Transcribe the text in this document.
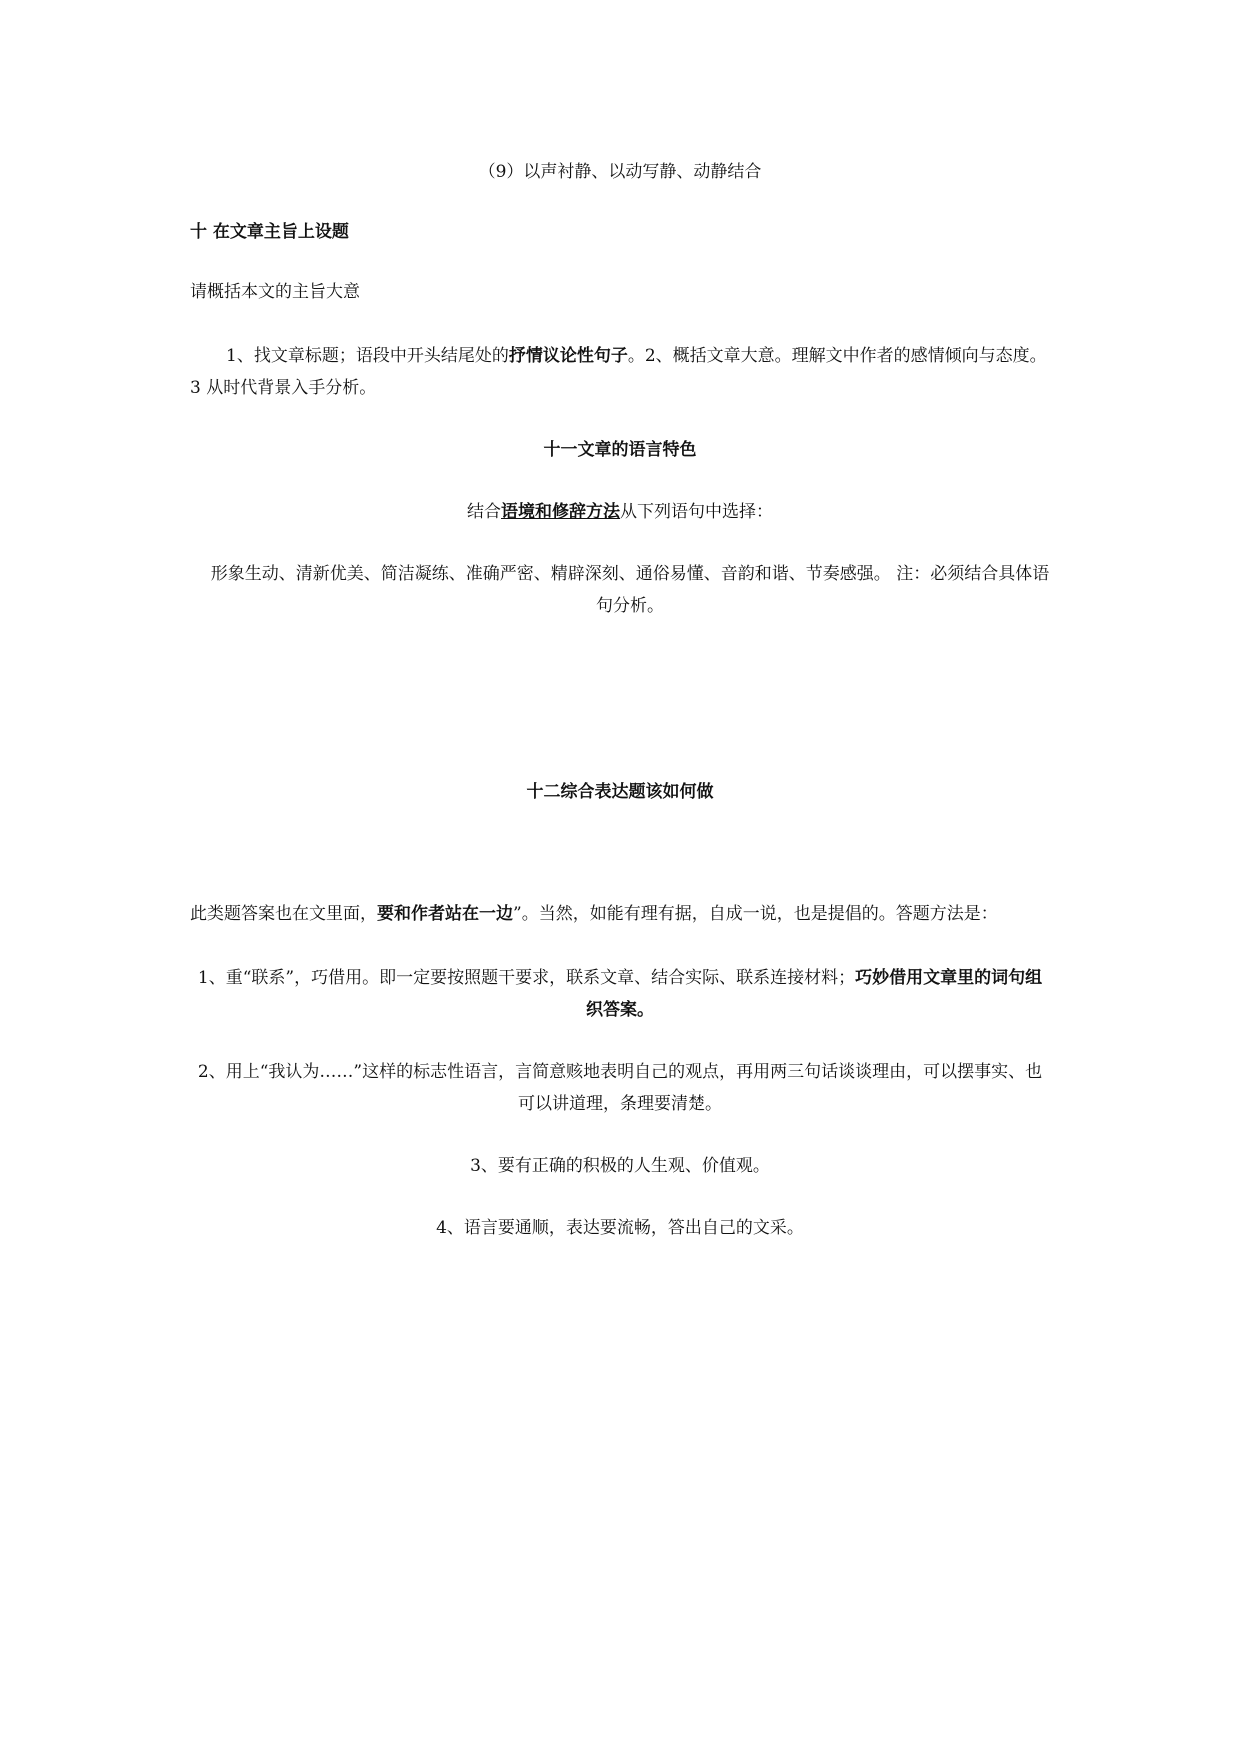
（9）以声衬静、以动写静、动静结合
十 在文章主旨上设题
请概括本文的主旨大意
1、找文章标题；语段中开头结尾处的抒情议论性句子。2、概括文章大意。理解文中作者的感情倾向与态度。3 从时代背景入手分析。
十一文章的语言特色
结合语境和修辞方法从下列语句中选择：
形象生动、清新优美、简洁凝练、准确严密、精辟深刻、通俗易懂、音韵和谐、节奏感强。 注：必须结合具体语句分析。
十二综合表达题该如何做
此类题答案也在文里面，要和作者站在一边”。当然，如能有理有据，自成一说，也是提倡的。答题方法是：
1、重“联系”，巧借用。即一定要按照题干要求，联系文章、结合实际、联系连接材料；巧妙借用文章里的词句组织答案。
2、用上“我认为……”这样的标志性语言，言简意赅地表明自己的观点，再用两三句话谈谈理由，可以摆事实、也可以讲道理，条理要清楚。
3、要有正确的积极的人生观、价值观。
4、语言要通顺，表达要流畅，答出自己的文采。
